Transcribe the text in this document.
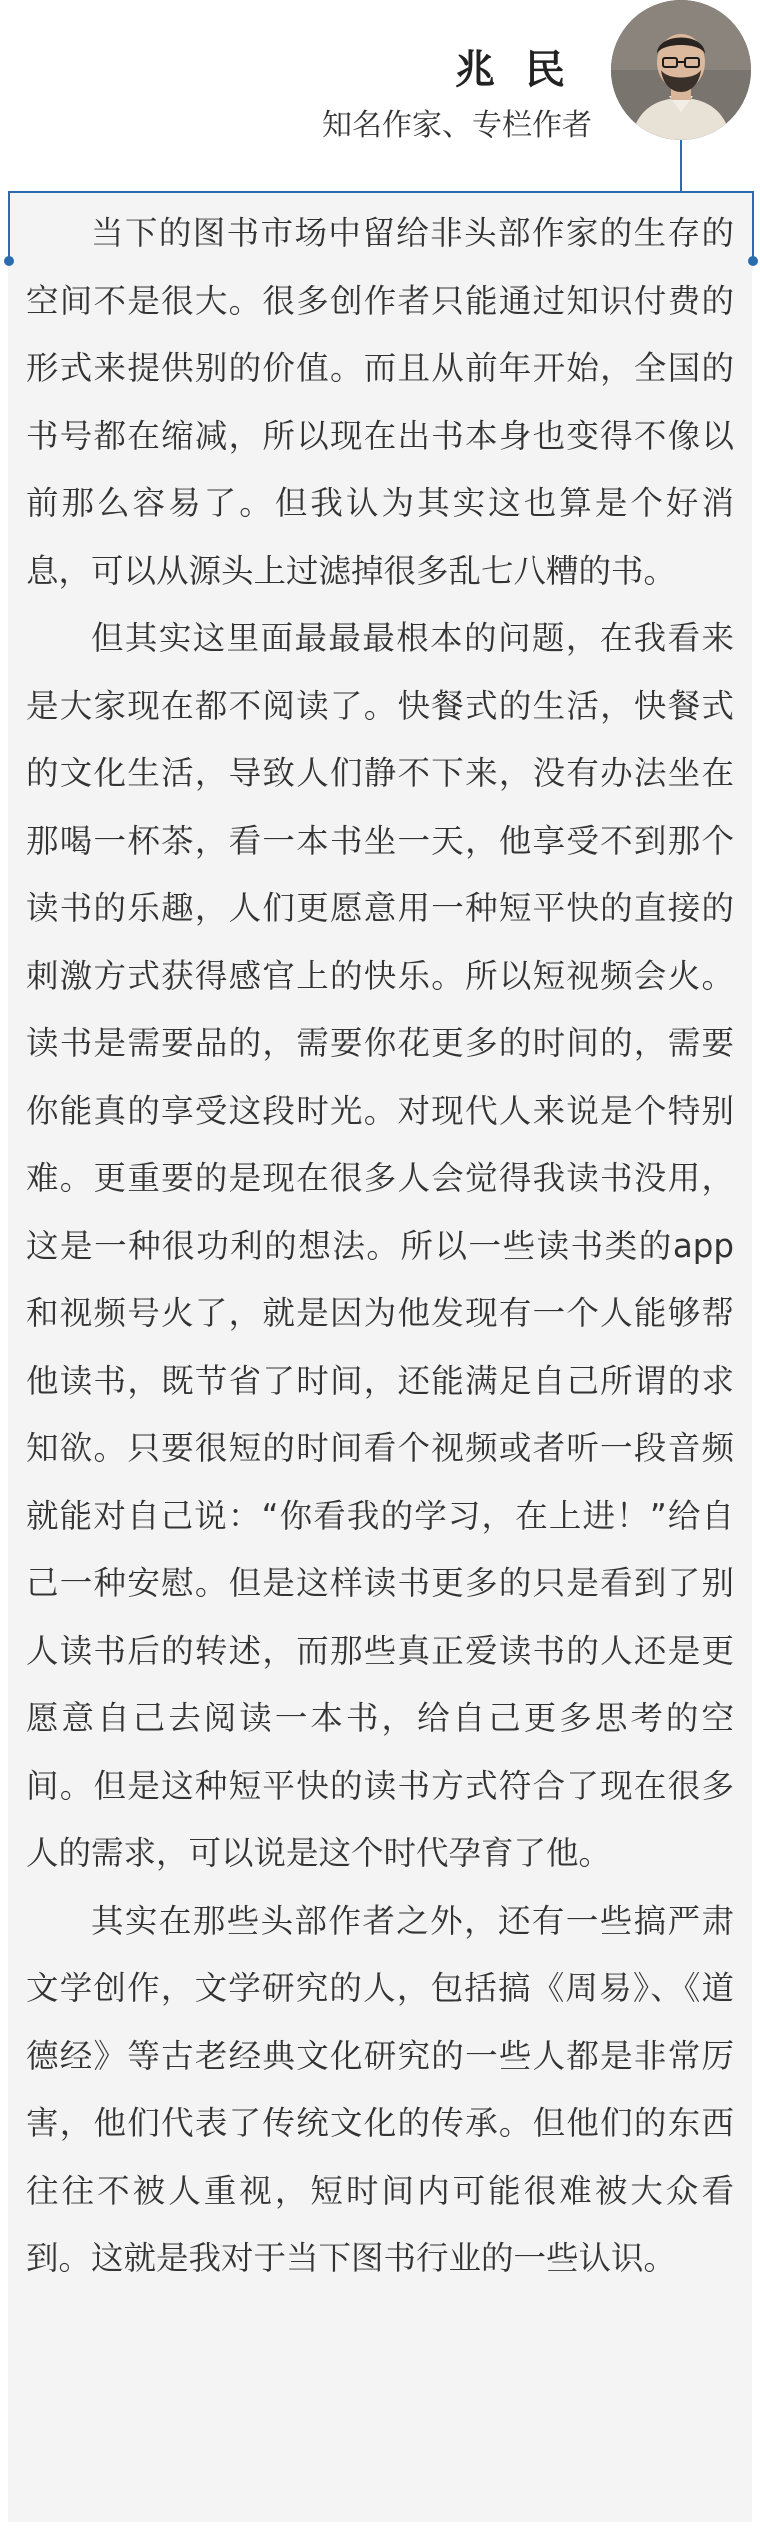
兆民
知名作家、专栏作者

当下的图书市场中留给非头部作家的生存的空间不是很大。很多创作者只能通过知识付费的形式来提供别的价值。而且从前年开始，全国的书号都在缩减，所以现在出书本身也变得不像以前那么容易了。但我认为其实这也算是个好消息，可以从源头上过滤掉很多乱七八糟的书。

但其实这里面最最最根本的问题，在我看来是大家现在都不阅读了。快餐式的生活，快餐式的文化生活，导致人们静不下来，没有办法坐在那喝一杯茶，看一本书坐一天，他享受不到那个读书的乐趣，人们更愿意用一种短平快的直接的刺激方式获得感官上的快乐。所以短视频会火。读书是需要品的，需要你花更多的时间的，需要你能真的享受这段时光。对现代人来说是个特别难。更重要的是现在很多人会觉得我读书没用，这是一种很功利的想法。所以一些读书类的app和视频号火了，就是因为他发现有一个人能够帮他读书，既节省了时间，还能满足自己所谓的求知欲。只要很短的时间看个视频或者听一段音频就能对自己说：“你看我的学习，在上进！”给自己一种安慰。但是这样读书更多的只是看到了别人读书后的转述，而那些真正爱读书的人还是更愿意自己去阅读一本书，给自己更多思考的空间。但是这种短平快的读书方式符合了现在很多人的需求，可以说是这个时代孕育了他。

其实在那些头部作者之外，还有一些搞严肃文学创作，文学研究的人，包括搞《周易》、《道德经》等古老经典文化研究的一些人都是非常厉害，他们代表了传统文化的传承。但他们的东西往往不被人重视，短时间内可能很难被大众看到。这就是我对于当下图书行业的一些认识。
